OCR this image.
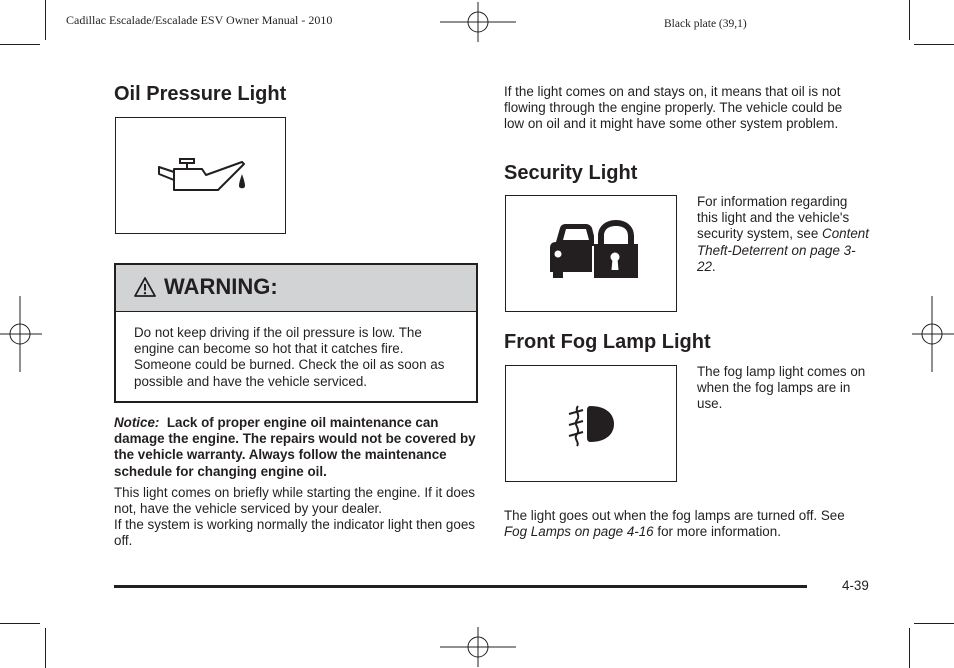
Cadillac Escalade/Escalade ESV Owner Manual - 2010	Black plate (39,1)
Oil Pressure Light
WARNING:
Do not keep driving if the oil pressure is low. The engine can become so hot that it catches fire. Someone could be burned. Check the oil as soon as possible and have the vehicle serviced.
Notice: Lack of proper engine oil maintenance can damage the engine. The repairs would not be covered by the vehicle warranty. Always follow the maintenance schedule for changing engine oil.
This light comes on briefly while starting the engine. If it does not, have the vehicle serviced by your dealer.
If the system is working normally the indicator light then goes off.
If the light comes on and stays on, it means that oil is not flowing through the engine properly. The vehicle could be low on oil and it might have some other system problem.
Security Light
For information regarding this light and the vehicle's security system, see Content Theft-Deterrent on page 3-22.
Front Fog Lamp Light
The fog lamp light comes on when the fog lamps are in use.
The light goes out when the fog lamps are turned off. See Fog Lamps on page 4-16 for more information.
4-39
